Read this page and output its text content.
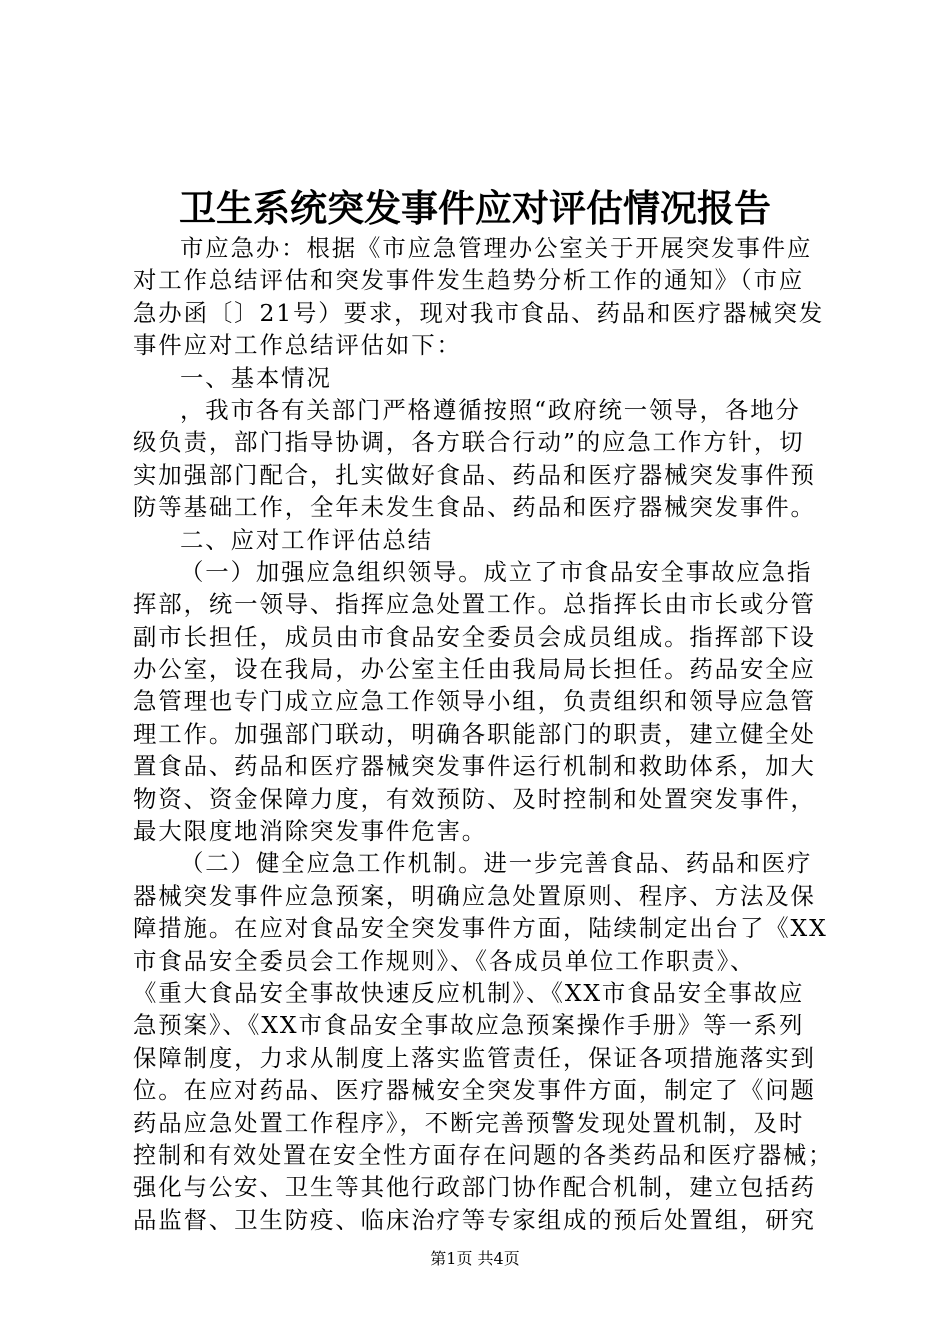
卫生系统突发事件应对评估情况报告
市应急办：根据《市应急管理办公室关于开展突发事件应
对工作总结评估和突发事件发生趋势分析工作的通知》（市应
急办函〔〕21号）要求，现对我市食品、药品和医疗器械突发
事件应对工作总结评估如下：
一、基本情况
，我市各有关部门严格遵循按照“政府统一领导，各地分
级负责，部门指导协调，各方联合行动”的应急工作方针，切
实加强部门配合，扎实做好食品、药品和医疗器械突发事件预
防等基础工作，全年未发生食品、药品和医疗器械突发事件。
二、应对工作评估总结
（一）加强应急组织领导。成立了市食品安全事故应急指
挥部，统一领导、指挥应急处置工作。总指挥长由市长或分管
副市长担任，成员由市食品安全委员会成员组成。指挥部下设
办公室，设在我局，办公室主任由我局局长担任。药品安全应
急管理也专门成立应急工作领导小组，负责组织和领导应急管
理工作。加强部门联动，明确各职能部门的职责，建立健全处
置食品、药品和医疗器械突发事件运行机制和救助体系，加大
物资、资金保障力度，有效预防、及时控制和处置突发事件，
最大限度地消除突发事件危害。
（二）健全应急工作机制。进一步完善食品、药品和医疗
器械突发事件应急预案，明确应急处置原则、程序、方法及保
障措施。在应对食品安全突发事件方面，陆续制定出台了《XX
市食品安全委员会工作规则》、《各成员单位工作职责》、
《重大食品安全事故快速反应机制》、《XX市食品安全事故应
急预案》、《XX市食品安全事故应急预案操作手册》等一系列
保障制度，力求从制度上落实监管责任，保证各项措施落实到
位。在应对药品、医疗器械安全突发事件方面，制定了《问题
药品应急处置工作程序》，不断完善预警发现处置机制，及时
控制和有效处置在安全性方面存在问题的各类药品和医疗器械；
强化与公安、卫生等其他行政部门协作配合机制，建立包括药
品监督、卫生防疫、临床治疗等专家组成的预后处置组，研究
第1页 共4页
